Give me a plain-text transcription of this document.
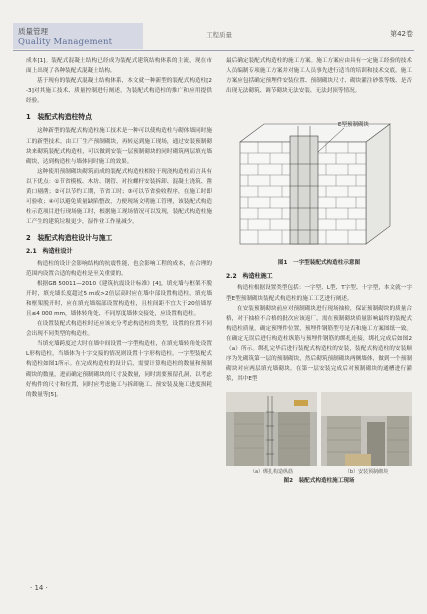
质量管理
Quality Management
工程质量	第42卷

成本[1]。装配式混凝土结构已经成为装配式建筑结构体系的主流，现在市面上出现了各种装配式混凝土结构。

基于现有的装配式混凝土结构体系，本文就一种新型的装配式构造柱[2-3]对其施工技术、质量控制进行阐述，为装配式构造柱的推广和应用提供经验。

1　装配式构造柱特点

这种新型的装配式构造柱施工技术是一种可以使构造柱与砌体墙同时施工的新型技术。由工厂生产预制砌块，再转运到施工现场，通过安装预制砌块来砌筑装配式构造柱，可以做到安装一层预制砌块的同时砌筑两层填充墙砌块，达到构造柱与墙体同时施工的效果。

这种使用预制砌块砌筑而成的装配式构造柱相较于现浇构造柱而言具有以下优点：①节省模板、木坊、钢管、对拉螺杆安装拆卸、混凝土浇筑、凿黄口剔凿；②可以节约工期，节省工时；③可以节省验收程序，在施工时即可验收；④可以避免质量缺陷整改，力便现场文明施工管理，该装配式构造柱示范项目进行现场施工时，根据施工现场情况可以发现，装配式构造柱施工产生的建筑垃圾更少，湿作业工作量减少。

2　装配式构造柱设计与施工
2.1　构造柱设计

构造柱的设计会影响结构的抗震性能，也会影响工程的成本，在合理的范围内设置合适的构造柱是至关重要的。

根据GB 50011—2010《建筑抗震设计标准》[4]，填充墙与框架不脱开时，填充墙长度超过5 m或>2倍层高时应在墙中部设置构造柱，填充墙和框架脱开时，应在填充墙端部设置构造柱，且柱间距不宜大于20倍墙厚且≤4 000 mm，墙体转角处、不同厚度墙体交接处，应设置构造柱。

在设置装配式构造柱时还应该充分考虑构造柱的类型，设置的位置不同会出现不同类型的构造柱。

当填充墙跨度过大时在墙中间设置一字型构造柱，在填充墙转角处设置L形构造柱，当墙体为十字交接的情况则设置十字形构造柱。一字型装配式构造柱如图1所示。在完成构造柱的设计后，需要计算构造柱的数量和预制砌块的数量，进而确定预制砌块的尺寸及数量，同时需要预留孔洞，以考虑好构件的尺寸和位置，同时应考虑施工与拆卸施工、预安装及施工进度损耗的数量等[5]。

最后确定装配式构造柱的施工方案。施工方案应由具有一定施工经验的技术人员编制专项施工方案并对施工人员事先进行适当的培训和技术交底。施工方案应包括确定预埋件安装位置、预制砌块尺寸、砌块灌注砂浆等级、是否出现无法砌筑、调节砌块无法安装、无法封顶等情况。

E型预制砌块
图1　一字型装配式构造柱示意图
2.2　构造柱施工

构造柱根据设置类型包括：一字型、L型、T字型、十字型，本文就一字型E型预制砌块装配式构造柱的施工工艺进行阐述。

在安装预制砌块前应对预制砌块进行现场抽检，保证预制砌块的质量合格，对于抽检不合格的批次应该返厂。需在预制砌块质量影响最终的装配式构造柱质量，确定预埋件位置，预埋件钢筋型号是否和施工方案图纸一致。在确定无误后进行构造柱纵筋与预埋件钢筋的绑扎连接，绑扎完成后如图2（a）所示。绑扎完毕后进行装配式构造柱的安装，装配式构造柱的安装顺序为先砌筑第一层的预制砌块，然后砌筑预制砌块两侧墙体，做到一个预制砌块对应两层填充墙砌块。在第一层安装完成后对预制砌块的通槽进行灌浆，其中E型

（a）绑扎构造纵筋	（b）安装预制砌块
图2　装配式构造柱施工现场
· 14 ·
